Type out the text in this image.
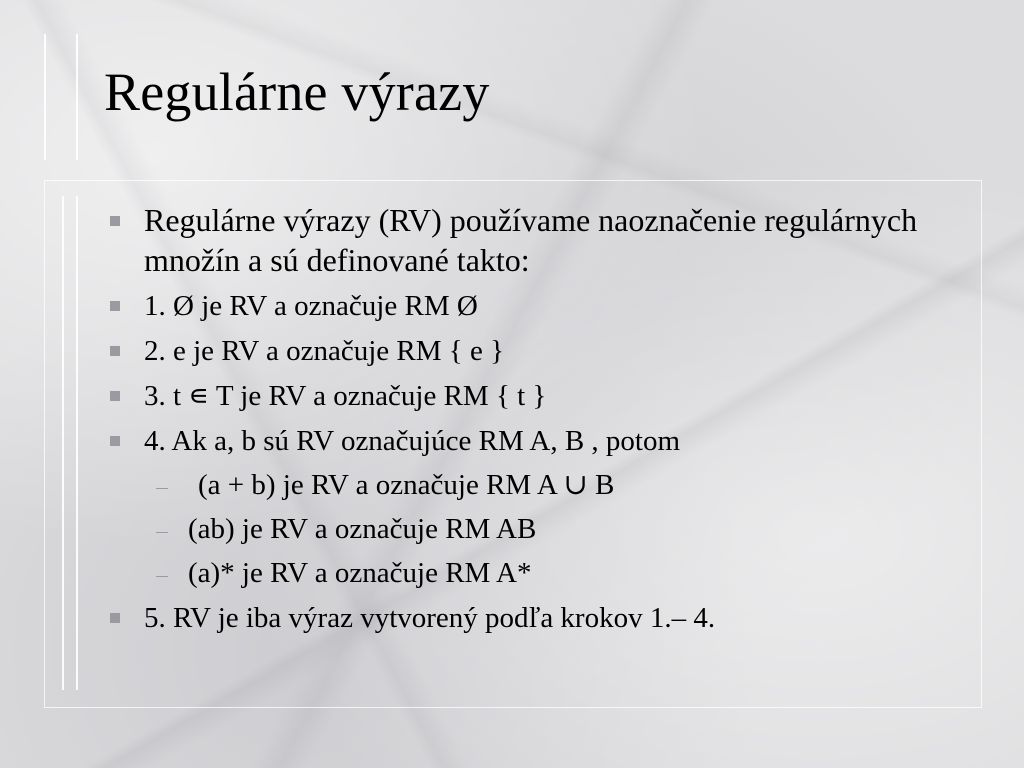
Regulárne výrazy
Regulárne výrazy (RV) používame naoznačenie regulárnych množín a sú definované takto:
1. Ø je RV a označuje RM Ø
2. e je RV a označuje RM { e }
3. t ∊ T je RV a označuje RM { t }
4. Ak a, b sú RV označujúce RM A, B , potom
(a + b) je RV a označuje RM A ∪ B
(ab) je RV a označuje RM AB
(a)* je RV a označuje RM A*
5. RV je iba výraz vytvorený podľa krokov 1.– 4.
